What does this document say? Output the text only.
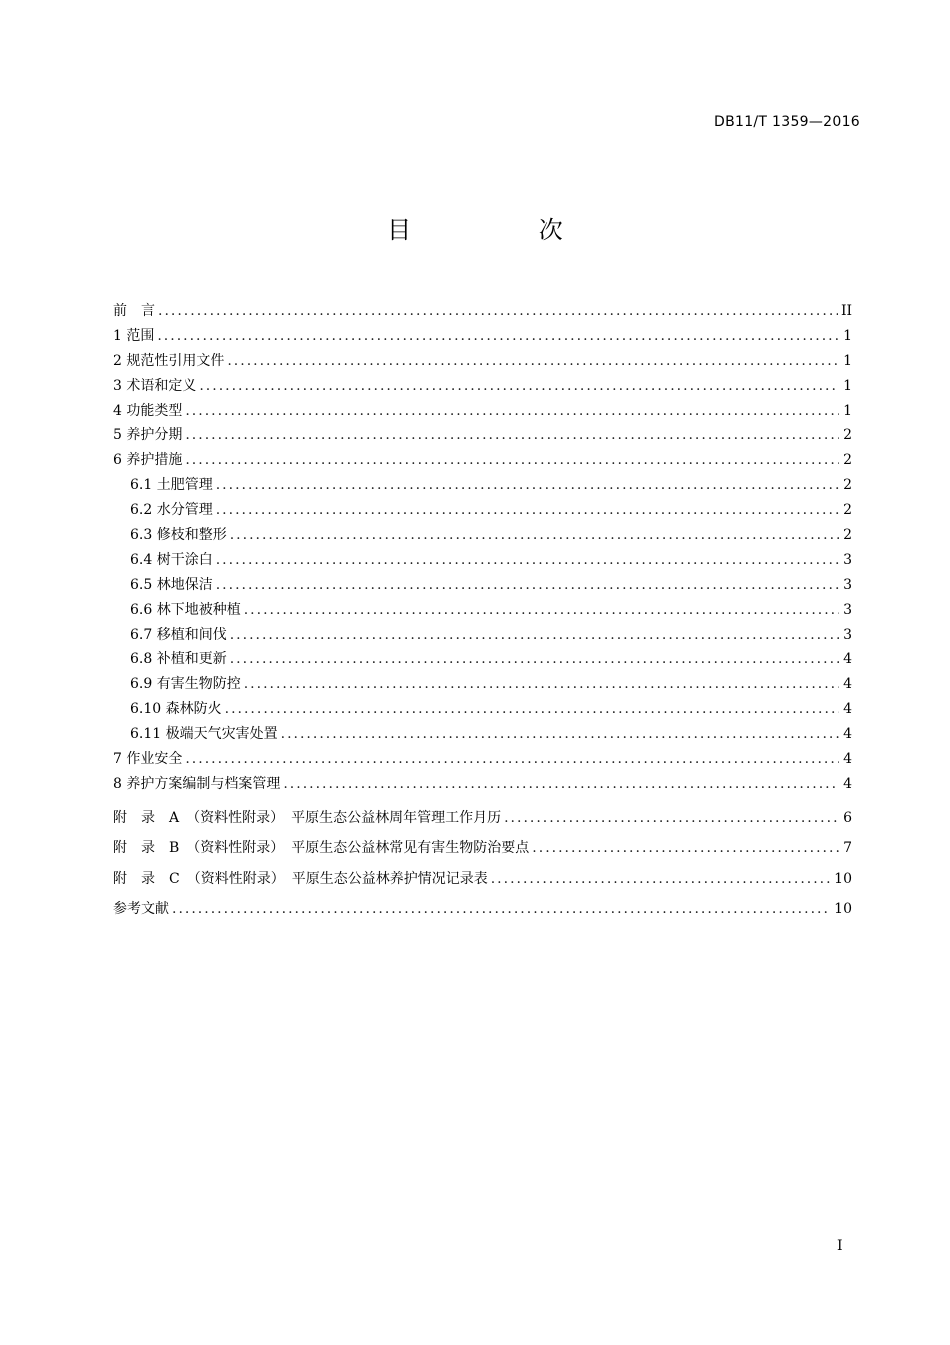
DB11/T 1359—2016
目 次
前　言 .....	II
1 范围 .....	1
2 规范性引用文件 .....	1
3 术语和定义 .....	1
4 功能类型 .....	1
5 养护分期 .....	2
6 养护措施 .....	2
6.1 土肥管理 .....	2
6.2 水分管理 .....	2
6.3 修枝和整形 .....	2
6.4 树干涂白 .....	3
6.5 林地保洁 .....	3
6.6 林下地被种植 .....	3
6.7 移植和间伐 .....	3
6.8 补植和更新 .....	4
6.9 有害生物防控 .....	4
6.10 森林防火 .....	4
6.11 极端天气灾害处置 .....	4
7 作业安全 .....	4
8 养护方案编制与档案管理 .....	4
附　录　A　（资料性附录）　平原生态公益林周年管理工作月历 .....	6
附　录　B　（资料性附录）　平原生态公益林常见有害生物防治要点 .....	7
附　录　C　（资料性附录）　平原生态公益林养护情况记录表 .....	10
参考文献 .....	10
I
